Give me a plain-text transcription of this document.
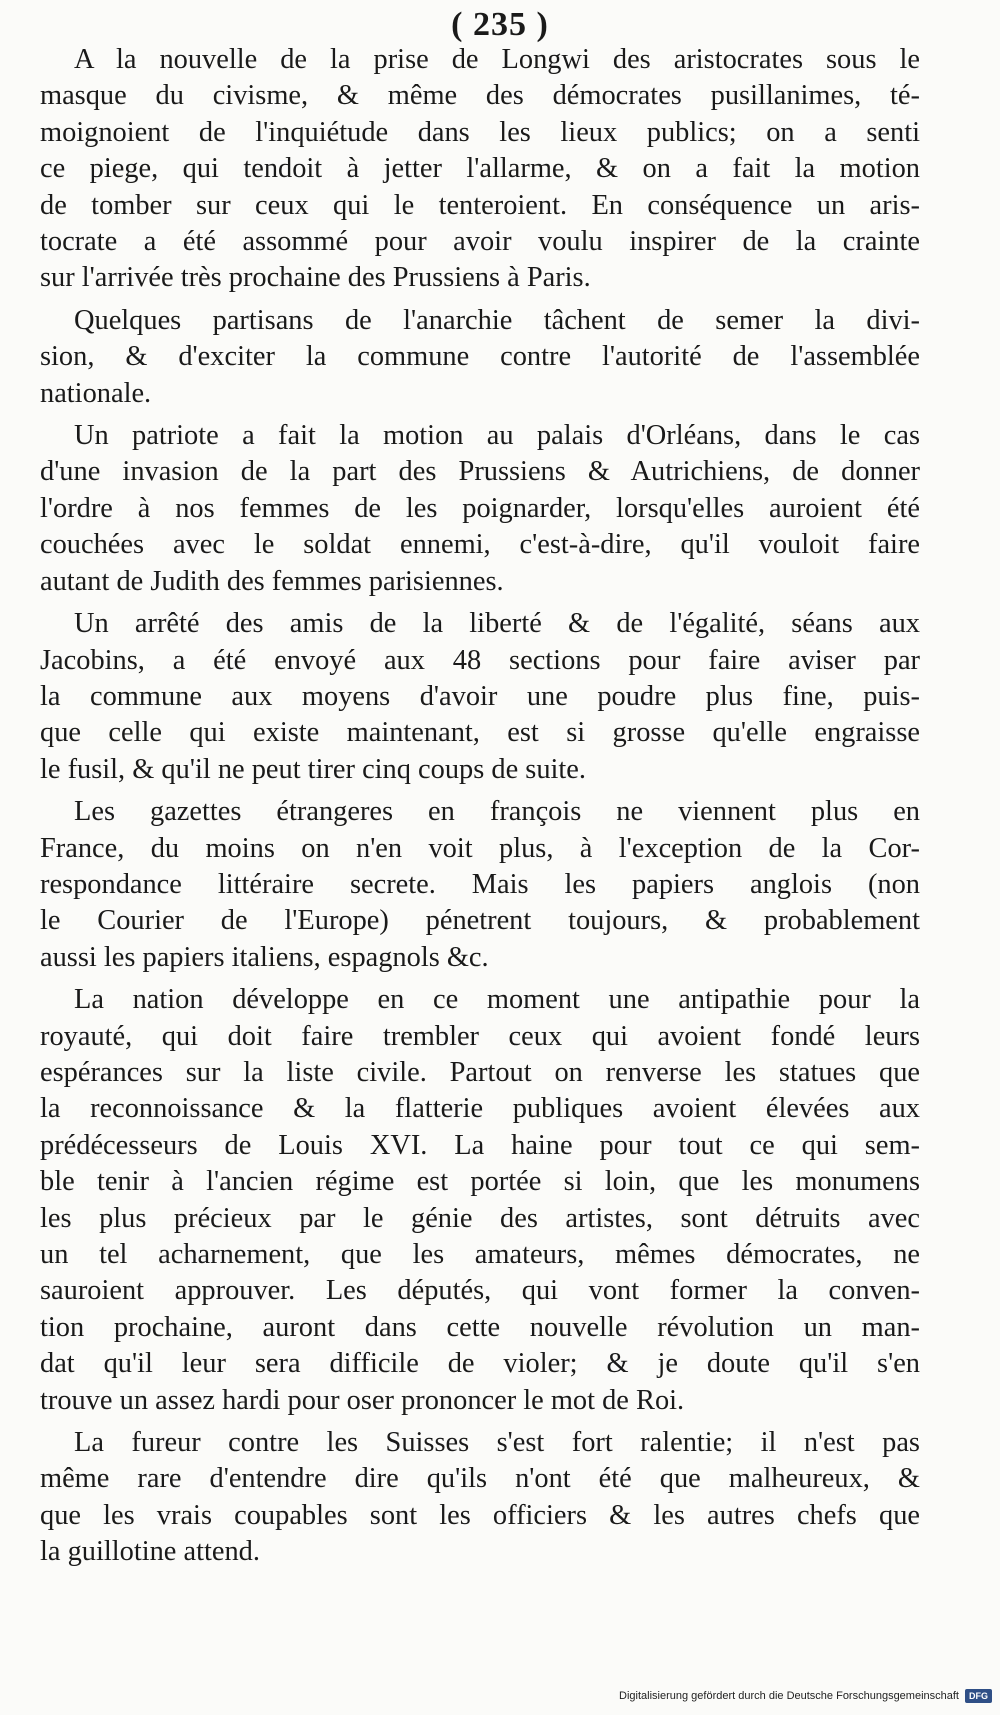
( 235 )
A la nouvelle de la prise de Longwi des aristocrates sous le
masque du civisme, & même des démocrates pusillanimes, té-
moignoient de l'inquiétude dans les lieux publics; on a senti
ce piege, qui tendoit à jetter l'allarme, & on a fait la motion
de tomber sur ceux qui le tenteroient. En conséquence un aris-
tocrate a été assommé pour avoir voulu inspirer de la crainte
sur l'arrivée très prochaine des Prussiens à Paris.
Quelques partisans de l'anarchie tâchent de semer la divi-
sion, & d'exciter la commune contre l'autorité de l'assemblée
nationale.
Un patriote a fait la motion au palais d'Orléans, dans le cas
d'une invasion de la part des Prussiens & Autrichiens, de donner
l'ordre à nos femmes de les poignarder, lorsqu'elles auroient été
couchées avec le soldat ennemi, c'est-à-dire, qu'il vouloit faire
autant de Judith des femmes parisiennes.
Un arrêté des amis de la liberté & de l'égalité, séans aux
Jacobins, a été envoyé aux 48 sections pour faire aviser par
la commune aux moyens d'avoir une poudre plus fine, puis-
que celle qui existe maintenant, est si grosse qu'elle engraisse
le fusil, & qu'il ne peut tirer cinq coups de suite.
Les gazettes étrangeres en françois ne viennent plus en
France, du moins on n'en voit plus, à l'exception de la Cor-
respondance littéraire secrete. Mais les papiers anglois (non
le Courier de l'Europe) pénetrent toujours, & probablement
aussi les papiers italiens, espagnols &c.
La nation développe en ce moment une antipathie pour la
royauté, qui doit faire trembler ceux qui avoient fondé leurs
espérances sur la liste civile. Partout on renverse les statues que
la reconnoissance & la flatterie publiques avoient élevées aux
prédécesseurs de Louis XVI. La haine pour tout ce qui sem-
ble tenir à l'ancien régime est portée si loin, que les monumens
les plus précieux par le génie des artistes, sont détruits avec
un tel acharnement, que les amateurs, mêmes démocrates, ne
sauroient approuver. Les députés, qui vont former la conven-
tion prochaine, auront dans cette nouvelle révolution un man-
dat qu'il leur sera difficile de violer; & je doute qu'il s'en
trouve un assez hardi pour oser prononcer le mot de Roi.
La fureur contre les Suisses s'est fort ralentie; il n'est pas
même rare d'entendre dire qu'ils n'ont été que malheureux, &
que les vrais coupables sont les officiers & les autres chefs que
la guillotine attend.
Digitalisierung gefördert durch die Deutsche Forschungsgemeinschaft	DFG
